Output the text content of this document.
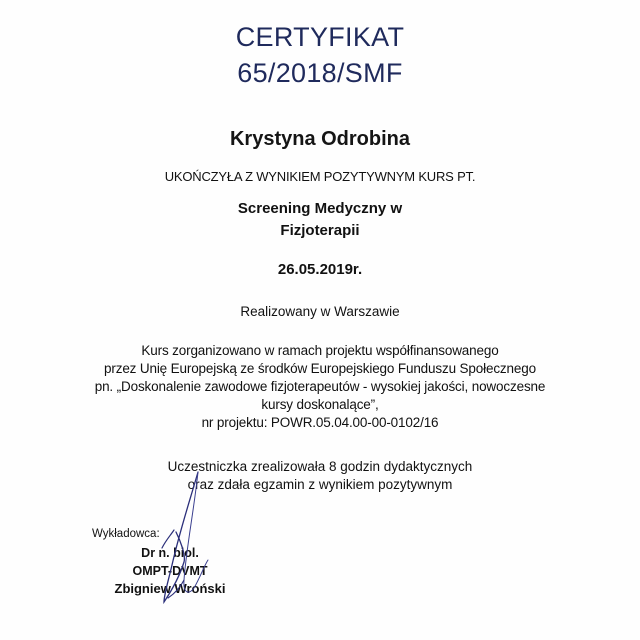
CERTYFIKAT
65/2018/SMF
Krystyna Odrobina
UKOŃCZYŁA Z WYNIKIEM POZYTYWNYM KURS PT.
Screening Medyczny w
Fizjoterapii
26.05.2019r.
Realizowany w Warszawie
Kurs zorganizowano w ramach projektu współfinansowanego
przez Unię Europejską ze środków Europejskiego Funduszu Społecznego
pn. „Doskonalenie zawodowe fizjoterapeutów - wysokiej jakości, nowoczesne
kursy doskonalące”,
nr projektu: POWR.05.04.00-00-0102/16
Uczestniczka zrealizowała 8 godzin dydaktycznych
oraz zdała egzamin z wynikiem pozytywnym
Wykładowca:
Dr n. biol.
OMPT-DVMT
Zbigniew Wroński
